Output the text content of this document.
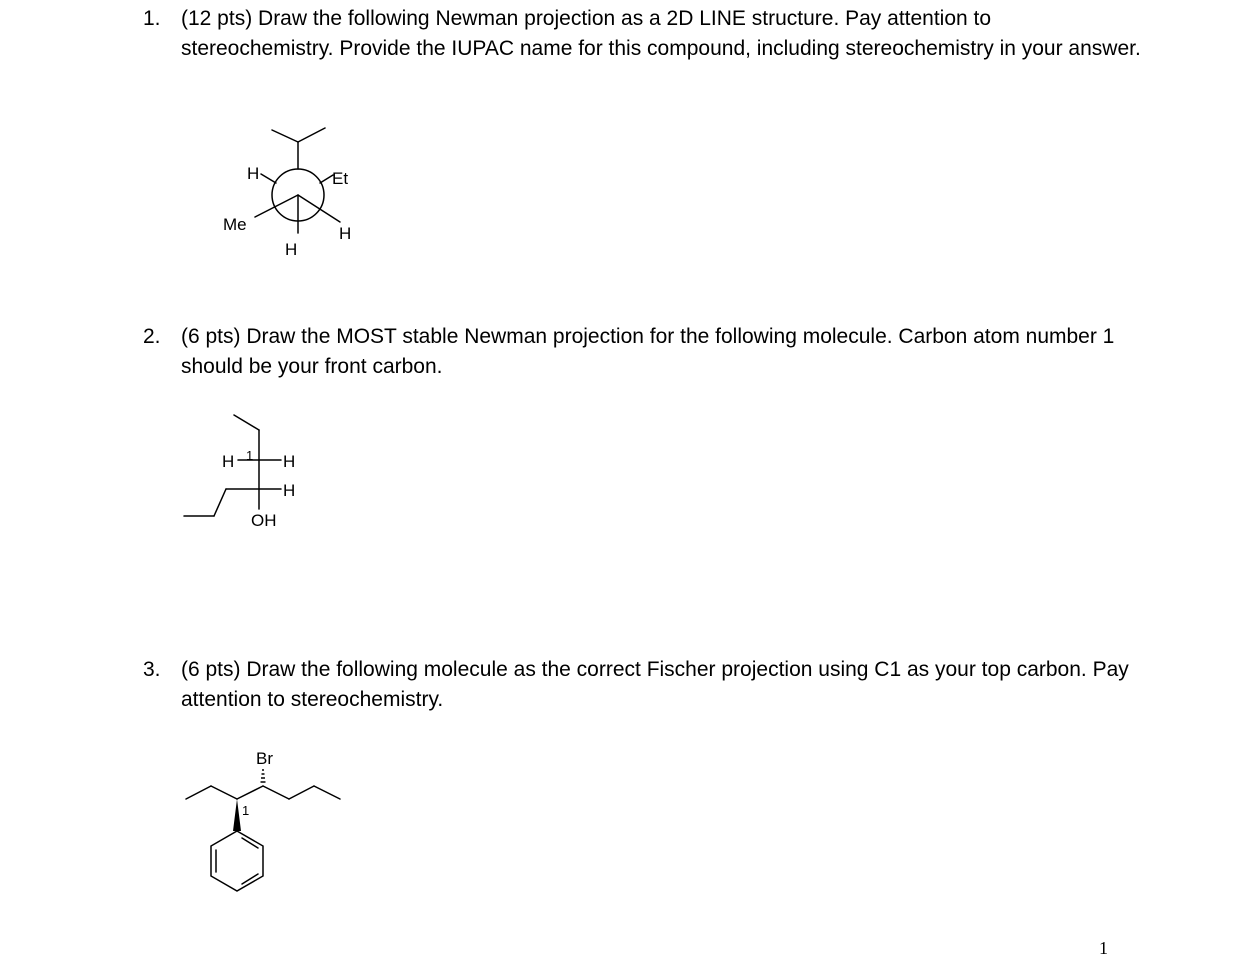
1. (12 pts) Draw the following Newman projection as a 2D LINE structure. Pay attention to stereochemistry. Provide the IUPAC name for this compound, including stereochemistry in your answer.
H	Et
Me	H
H
2. (6 pts) Draw the MOST stable Newman projection for the following molecule. Carbon atom number 1 should be your front carbon.
H 1 H
H
OH
3. (6 pts) Draw the following molecule as the correct Fischer projection using C1 as your top carbon. Pay attention to stereochemistry.
Br
1
1
